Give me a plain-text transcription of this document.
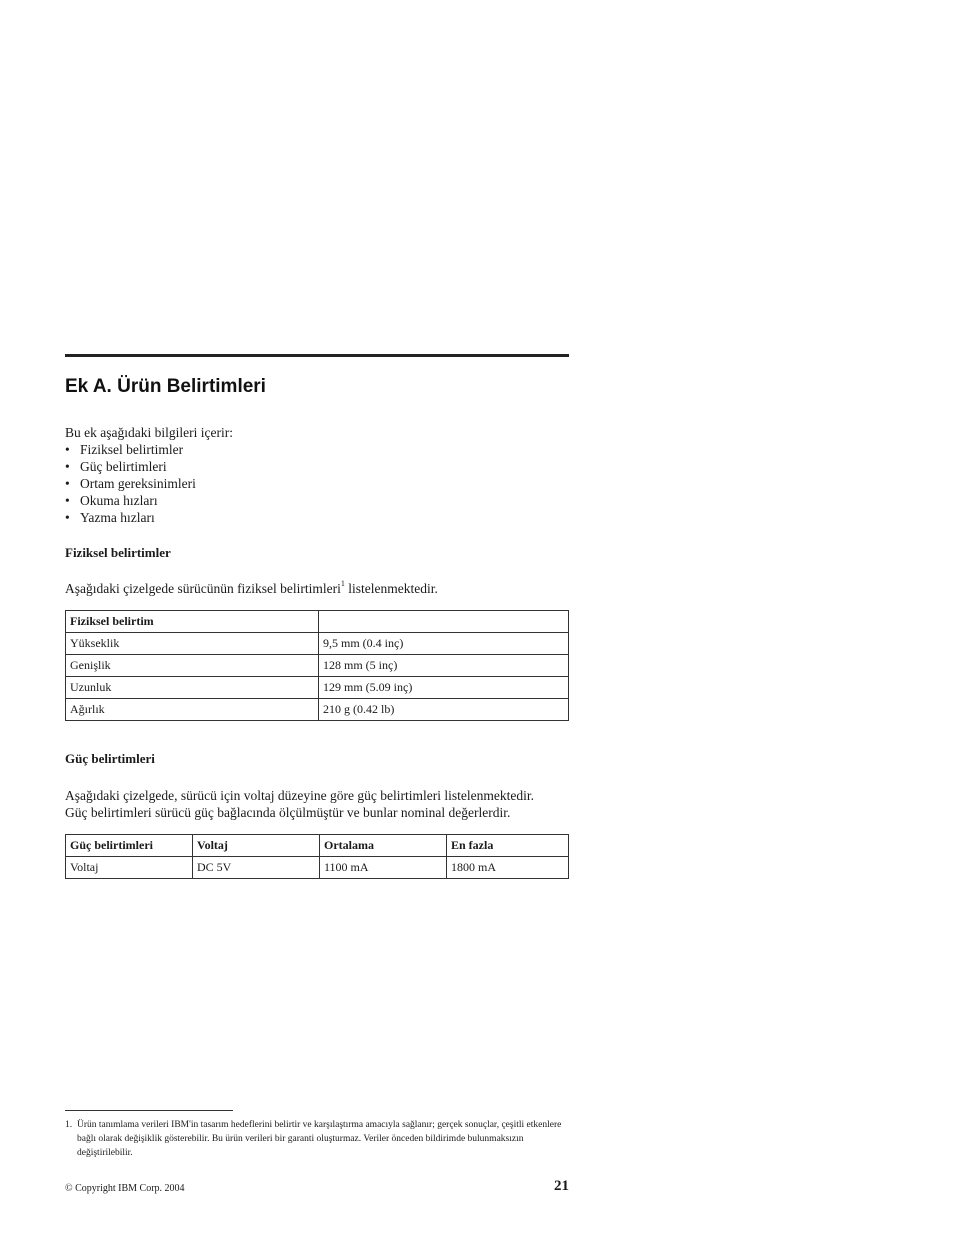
Ek A. Ürün Belirtimleri
Bu ek aşağıdaki bilgileri içerir:
• Fiziksel belirtimler
• Güç belirtimleri
• Ortam gereksinimleri
• Okuma hızları
• Yazma hızları
Fiziksel belirtimler

Aşağıdaki çizelgede sürücünün fiziksel belirtimleri$^1$ listelenmektedir.

Fiziksel belirtim	
Yükseklik	9,5 mm (0.4 inç)
Genişlik	128 mm (5 inç)
Uzunluk	129 mm (5.09 inç)
Ağırlık	210 g (0.42 lb)
Güç belirtimleri

Aşağıdaki çizelgede, sürücü için voltaj düzeyine göre güç belirtimleri listelenmektedir.
Güç belirtimleri sürücü güç bağlacında ölçülmüştür ve bunlar nominal değerlerdir.

Güç belirtimleri	Voltaj	Ortalama	En fazla
Voltaj	DC 5V	1100 mA	1800 mA
1. Ürün tanımlama verileri IBM'in tasarım hedeflerini belirtir ve karşılaştırma amacıyla sağlanır; gerçek sonuçlar, çeşitli etkenlere bağlı olarak değişiklik gösterebilir. Bu ürün verileri bir garanti oluşturmaz. Veriler önceden bildirimde bulunmaksızın değiştirilebilir.
© Copyright IBM Corp. 2004	21
